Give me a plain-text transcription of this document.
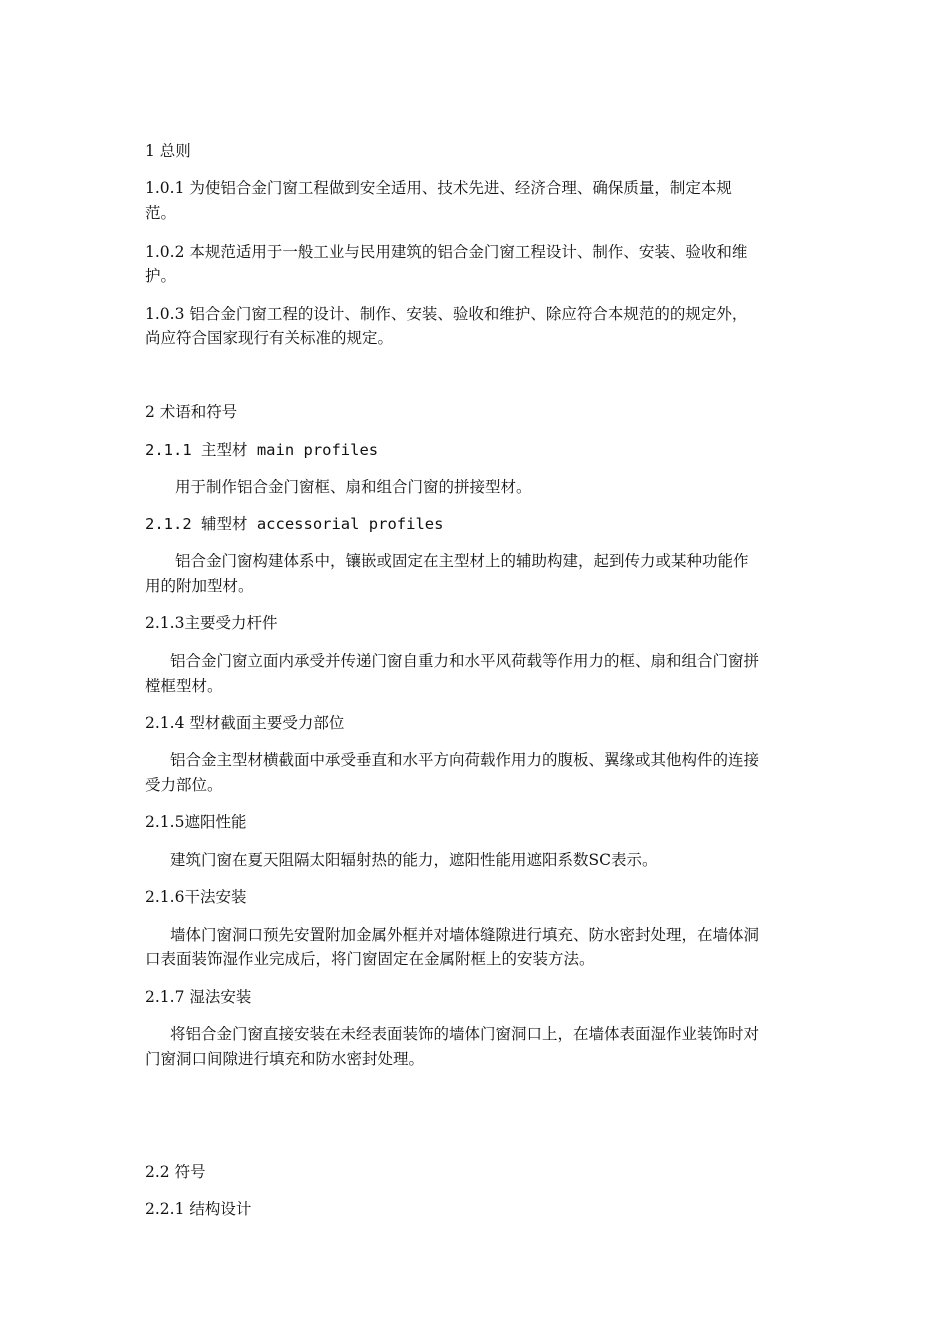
1 总则
1.0.1 为使铝合金门窗工程做到安全适用、技术先进、经济合理、确保质量，制定本规
范。
1.0.2 本规范适用于一般工业与民用建筑的铝合金门窗工程设计、制作、安装、验收和维
护。
1.0.3 铝合金门窗工程的设计、制作、安装、验收和维护、除应符合本规范的的规定外，
尚应符合国家现行有关标准的规定。
2 术语和符号
2.1.1 主型材 main profiles
用于制作铝合金门窗框、扇和组合门窗的拼接型材。
2.1.2 辅型材 accessorial profiles
铝合金门窗构建体系中，镶嵌或固定在主型材上的辅助构建，起到传力或某种功能作
用的附加型材。
2.1.3主要受力杆件
铝合金门窗立面内承受并传递门窗自重力和水平风荷载等作用力的框、扇和组合门窗拼
樘框型材。
2.1.4 型材截面主要受力部位
铝合金主型材横截面中承受垂直和水平方向荷载作用力的腹板、翼缘或其他构件的连接
受力部位。
2.1.5遮阳性能
建筑门窗在夏天阻隔太阳辐射热的能力，遮阳性能用遮阳系数SC表示。
2.1.6干法安装
墙体门窗洞口预先安置附加金属外框并对墙体缝隙进行填充、防水密封处理，在墙体洞
口表面装饰湿作业完成后，将门窗固定在金属附框上的安装方法。
2.1.7 湿法安装
将铝合金门窗直接安装在未经表面装饰的墙体门窗洞口上，在墙体表面湿作业装饰时对
门窗洞口间隙进行填充和防水密封处理。
2.2 符号
2.2.1 结构设计
